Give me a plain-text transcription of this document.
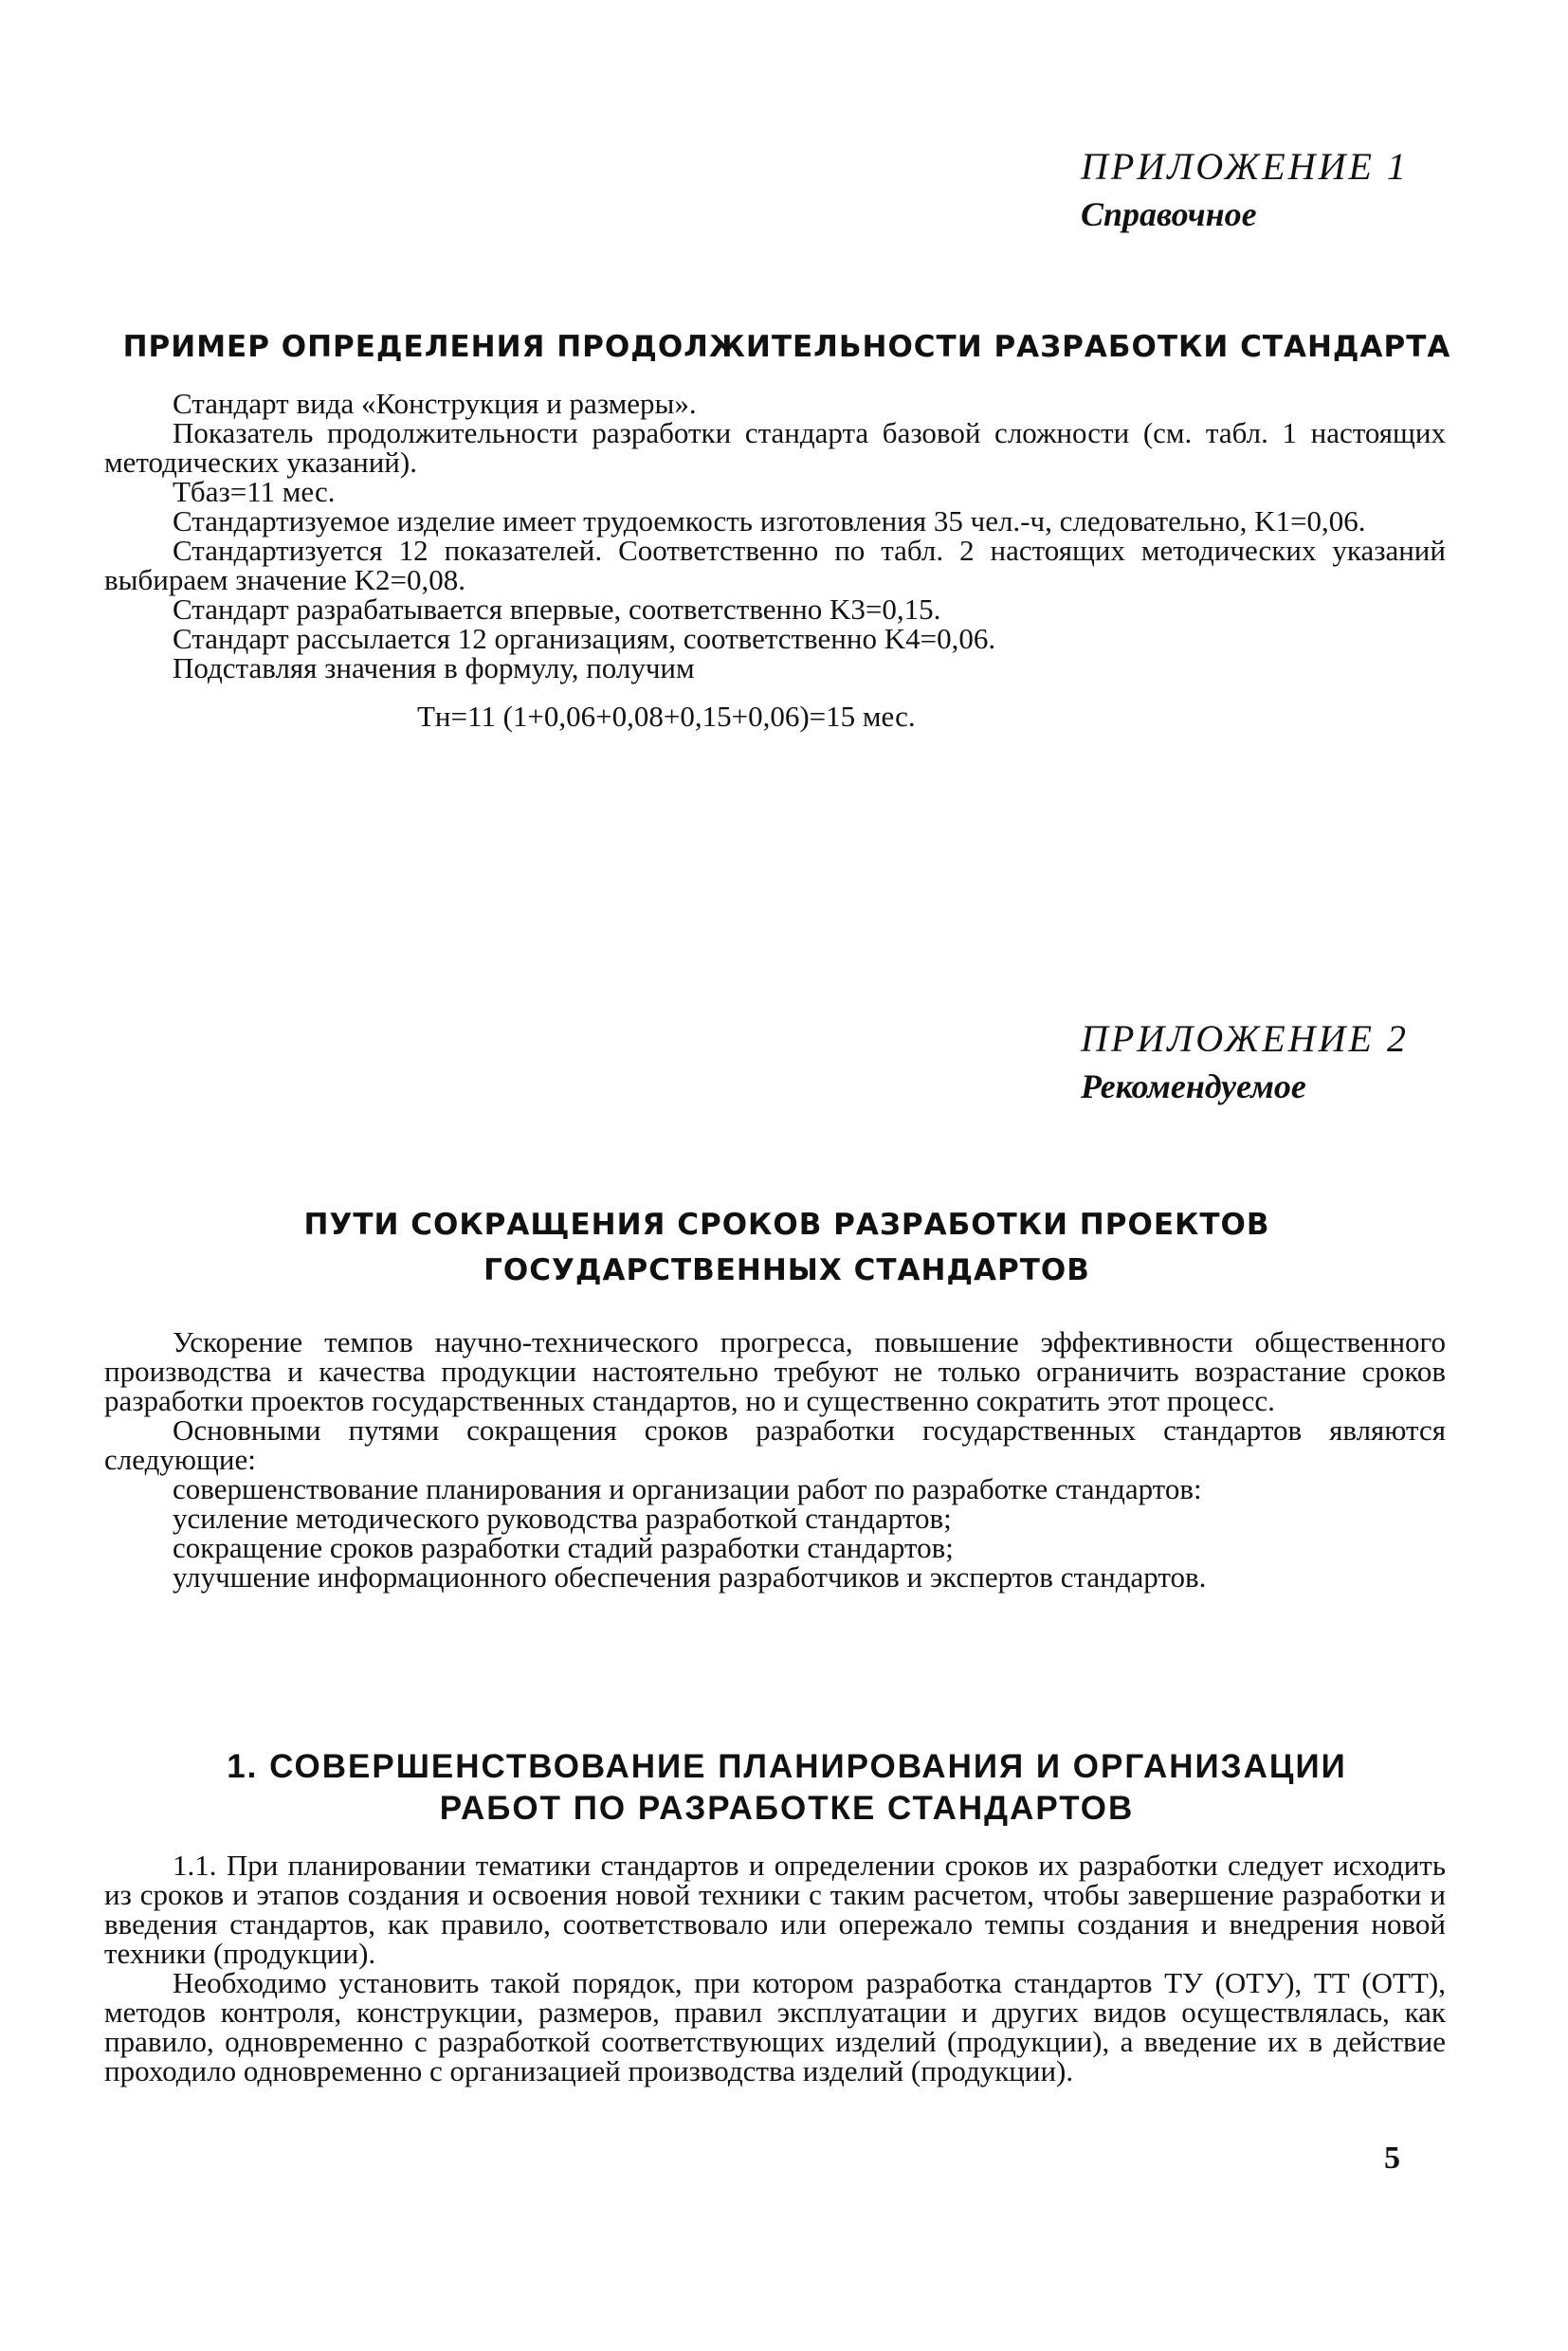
ПРИЛОЖЕНИЕ 1
Справочное
ПРИМЕР ОПРЕДЕЛЕНИЯ ПРОДОЛЖИТЕЛЬНОСТИ РАЗРАБОТКИ СТАНДАРТА

Стандарт вида «Конструкция и размеры».

Показатель продолжительности разработки стандарта базовой сложности (см. табл. 1 настоящих методических указаний).

Tбаз=11 мес.

Стандартизуемое изделие имеет трудоемкость изготовления 35 чел.-ч, следовательно, K1=0,06.

Стандартизуется 12 показателей. Соответственно по табл. 2 настоящих методических указаний выбираем значение K2=0,08.

Стандарт разрабатывается впервые, соответственно K3=0,15.

Стандарт рассылается 12 организациям, соответственно K4=0,06.

Подставляя значения в формулу, получим

Tн=11 (1+0,06+0,08+0,15+0,06)=15 мес.

ПРИЛОЖЕНИЕ 2
Рекомендуемое
ПУТИ СОКРАЩЕНИЯ СРОКОВ РАЗРАБОТКИ ПРОЕКТОВ
ГОСУДАРСТВЕННЫХ СТАНДАРТОВ

Ускорение темпов научно-технического прогресса, повышение эффективности общественного производства и качества продукции настоятельно требуют не только ограничить возрастание сроков разработки проектов государственных стандартов, но и существенно сократить этот процесс.

Основными путями сокращения сроков разработки государственных стандартов являются следующие:

совершенствование планирования и организации работ по разработке стандартов:

усиление методического руководства разработкой стандартов;

сокращение сроков разработки стадий разработки стандартов;

улучшение информационного обеспечения разработчиков и экспертов стандартов.

1. СОВЕРШЕНСТВОВАНИЕ ПЛАНИРОВАНИЯ И ОРГАНИЗАЦИИ
РАБОТ ПО РАЗРАБОТКЕ СТАНДАРТОВ

1.1. При планировании тематики стандартов и определении сроков их разработки следует исходить из сроков и этапов создания и освоения новой техники с таким расчетом, чтобы завершение разработки и введения стандартов, как правило, соответствовало или опережало темпы создания и внедрения новой техники (продукции).

Необходимо установить такой порядок, при котором разработка стандартов ТУ (ОТУ), ТТ (ОТТ), методов контроля, конструкции, размеров, правил эксплуатации и других видов осуществлялась, как правило, одновременно с разработкой соответствующих изделий (продукции), а введение их в действие проходило одновременно с организацией производства изделий (продукции).

5
